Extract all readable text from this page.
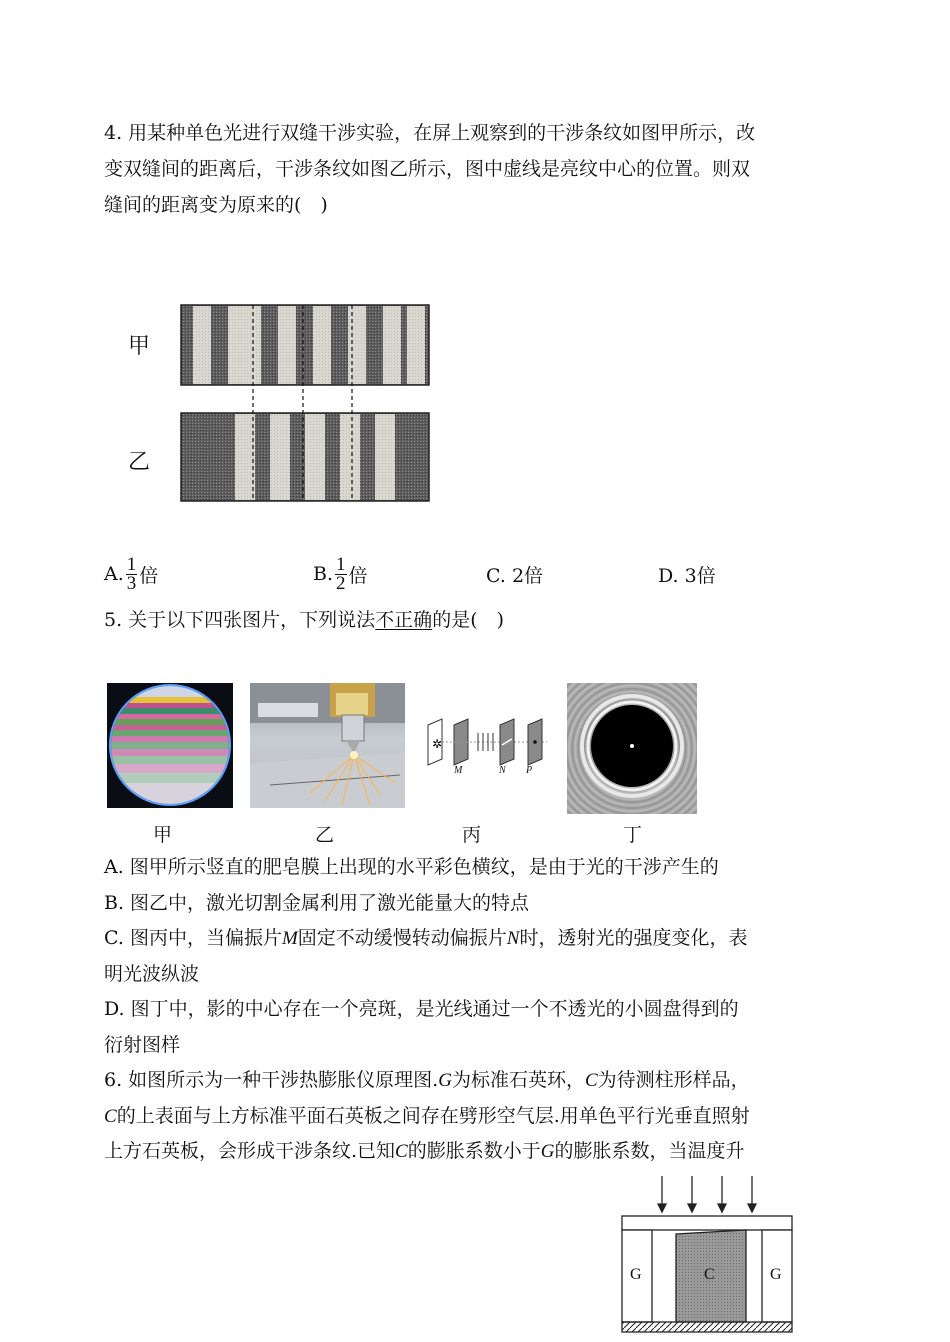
4. 用某种单色光进行双缝干涉实验，在屏上观察到的干涉条纹如图甲所示，改
变双缝间的距离后，干涉条纹如图乙所示，图中虚线是亮纹中心的位置。则双
缝间的距离变为原来的(　)
甲
乙
A. $\frac{1}{3}$ 倍	B. $\frac{1}{2}$ 倍	C. 2倍	D. 3倍
5. 关于以下四张图片，下列说法不正确的是(　)
✲
M	N P
甲	乙	丙	丁
A. 图甲所示竖直的肥皂膜上出现的水平彩色横纹，是由于光的干涉产生的
B. 图乙中，激光切割金属利用了激光能量大的特点
C. 图丙中，当偏振片M固定不动缓慢转动偏振片N时，透射光的强度变化，表
明光波纵波
D. 图丁中，影的中心存在一个亮斑，是光线通过一个不透光的小圆盘得到的
衍射图样
6. 如图所示为一种干涉热膨胀仪原理图.G为标准石英环，C为待测柱形样品，
C的上表面与上方标准平面石英板之间存在劈形空气层.用单色平行光垂直照射
上方石英板，会形成干涉条纹.已知C的膨胀系数小于G的膨胀系数，当温度升
G	C	G
